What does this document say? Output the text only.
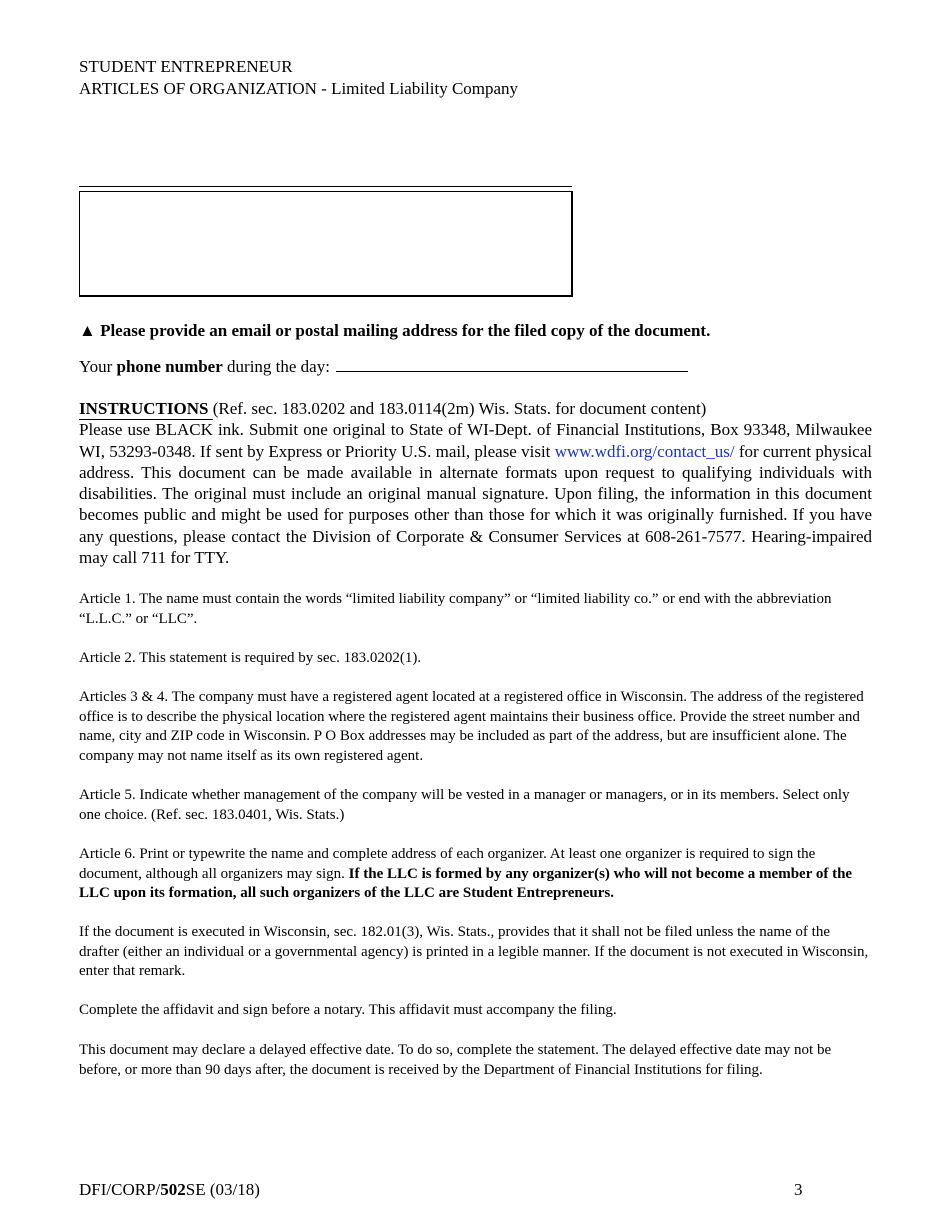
STUDENT ENTREPRENEUR
ARTICLES OF ORGANIZATION - Limited Liability Company
▲ Please provide an email or postal mailing address for the filed copy of the document.
Your phone number during the day:
INSTRUCTIONS (Ref. sec. 183.0202 and 183.0114(2m) Wis. Stats. for document content)
Please use BLACK ink. Submit one original to State of WI-Dept. of Financial Institutions, Box 93348, Milwaukee WI, 53293-0348. If sent by Express or Priority U.S. mail, please visit www.wdfi.org/contact_us/ for current physical address. This document can be made available in alternate formats upon request to qualifying individuals with disabilities. The original must include an original manual signature. Upon filing, the information in this document becomes public and might be used for purposes other than those for which it was originally furnished. If you have any questions, please contact the Division of Corporate & Consumer Services at 608-261-7577. Hearing-impaired may call 711 for TTY.
Article 1. The name must contain the words “limited liability company” or “limited liability co.” or end with the abbreviation “L.L.C.” or “LLC”.
Article 2. This statement is required by sec. 183.0202(1).
Articles 3 & 4. The company must have a registered agent located at a registered office in Wisconsin. The address of the registered office is to describe the physical location where the registered agent maintains their business office. Provide the street number and name, city and ZIP code in Wisconsin. P O Box addresses may be included as part of the address, but are insufficient alone. The company may not name itself as its own registered agent.
Article 5. Indicate whether management of the company will be vested in a manager or managers, or in its members. Select only one choice. (Ref. sec. 183.0401, Wis. Stats.)
Article 6. Print or typewrite the name and complete address of each organizer. At least one organizer is required to sign the document, although all organizers may sign. If the LLC is formed by any organizer(s) who will not become a member of the LLC upon its formation, all such organizers of the LLC are Student Entrepreneurs.
If the document is executed in Wisconsin, sec. 182.01(3), Wis. Stats., provides that it shall not be filed unless the name of the drafter (either an individual or a governmental agency) is printed in a legible manner. If the document is not executed in Wisconsin, enter that remark.
Complete the affidavit and sign before a notary. This affidavit must accompany the filing.
This document may declare a delayed effective date. To do so, complete the statement. The delayed effective date may not be before, or more than 90 days after, the document is received by the Department of Financial Institutions for filing.
DFI/CORP/502SE (03/18)	3
